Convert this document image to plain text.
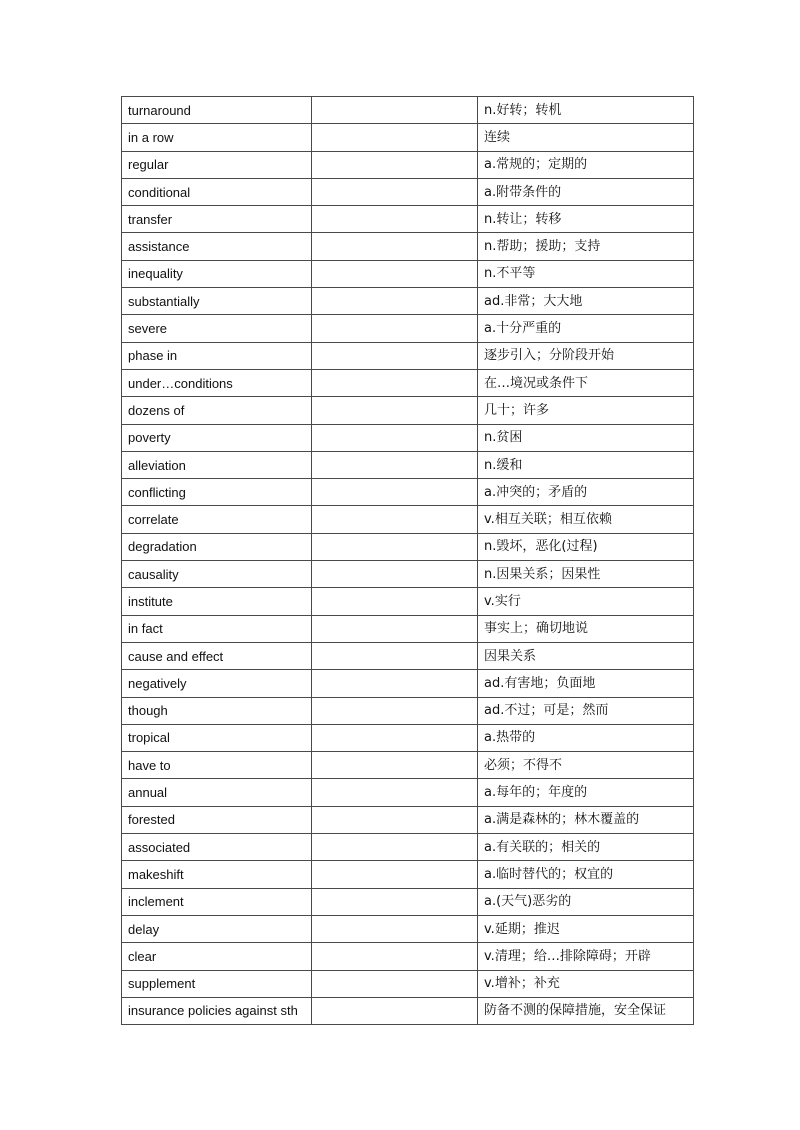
turnaround		n.好转；转机
in a row		连续
regular		a.常规的；定期的
conditional		a.附带条件的
transfer		n.转让；转移
assistance		n.帮助；援助；支持
inequality		n.不平等
substantially		ad.非常；大大地
severe		a.十分严重的
phase in		逐步引入；分阶段开始
under…conditions		在…境况或条件下
dozens of		几十；许多
poverty		n.贫困
alleviation		n.缓和
conflicting		a.冲突的；矛盾的
correlate		v.相互关联；相互依赖
degradation		n.毁坏，恶化(过程)
causality		n.因果关系；因果性
institute		v.实行
in fact		事实上；确切地说
cause and effect		因果关系
negatively		ad.有害地；负面地
though		ad.不过；可是；然而
tropical		a.热带的
have to		必须；不得不
annual		a.每年的；年度的
forested		a.满是森林的；林木覆盖的
associated		a.有关联的；相关的
makeshift		a.临时替代的；权宜的
inclement		a.(天气)恶劣的
delay		v.延期；推迟
clear		v.清理；给…排除障碍；开辟
supplement		v.增补；补充
insurance policies against sth		防备不测的保障措施，安全保证
